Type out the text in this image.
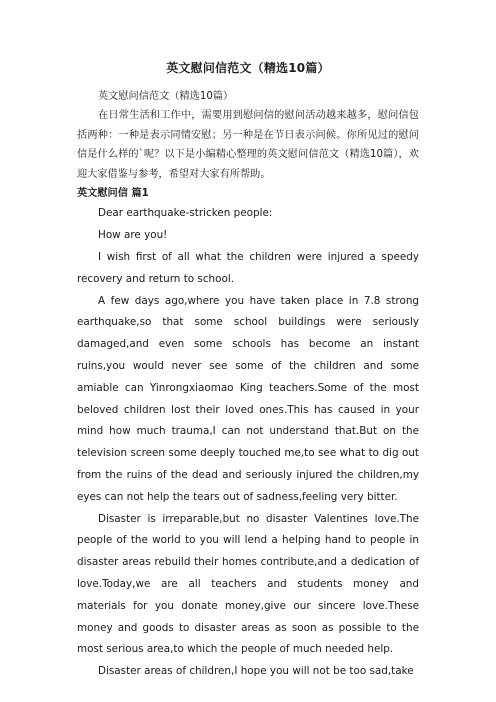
英文慰问信范文（精选10篇）

英文慰问信范文（精选10篇）

在日常生活和工作中，需要用到慰问信的慰问活动越来越多，慰问信包括两种：一种是表示同情安慰；另一种是在节日表示问候。你所见过的慰问信是什么样的`呢？以下是小编精心整理的英文慰问信范文（精选10篇），欢迎大家借鉴与参考，希望对大家有所帮助。

英文慰问信 篇1

Dear earthquake-stricken people:

How are you!

I wish first of all what the children were injured a speedy recovery and return to school.

A few days ago,where you have taken place in 7.8 strong earthquake,so that some school buildings were seriously damaged,and even some schools has become an instant ruins,you would never see some of the children and some amiable can Yinrongxiaomao King teachers.Some of the most beloved children lost their loved ones.This has caused in your mind how much trauma,I can not understand that.But on the television screen some deeply touched me,to see what to dig out from the ruins of the dead and seriously injured the children,my eyes can not help the tears out of sadness,feeling very bitter.

Disaster is irreparable,but no disaster Valentines love.The people of the world to you will lend a helping hand to people in disaster areas rebuild their homes contribute,and a dedication of love.Today,we are all teachers and students money and materials for you donate money,give our sincere love.These money and goods to disaster areas as soon as possible to the most serious area,to which the people of much needed help.

Disaster areas of children,I hope you will not be too sad,take
